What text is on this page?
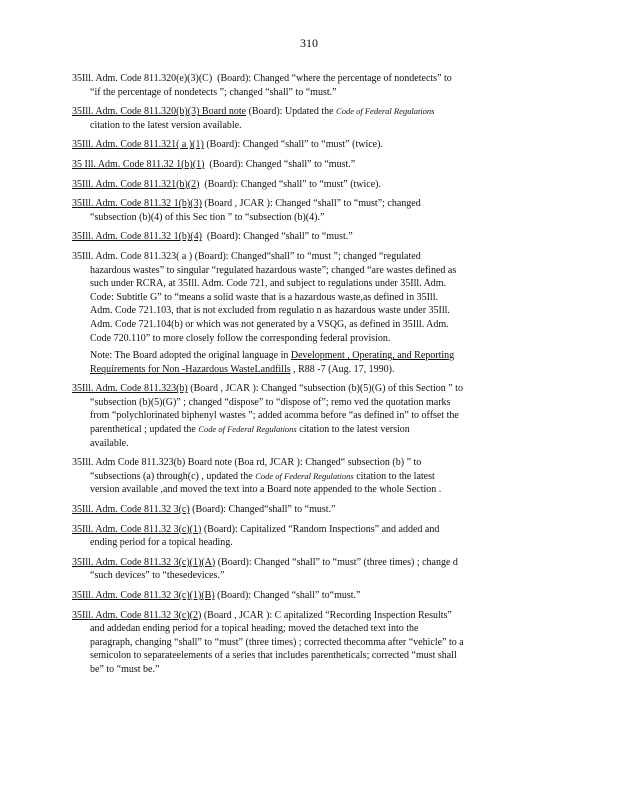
310
35Ill. Adm. Code 811.320(e)(3)(C) (Board): Changed “where the percentage of nondetects” to
“if the percentage of nondetects ”; changed “shall” to “must.”
35Ill. Adm. Code 811.320(b)(3) Board note (Board): Updated the Code of Federal Regulations
citation to the latest version available.
35Ill. Adm. Code 811.321( a )(1) (Board): Changed “shall” to “must” (twice).
35 Ill. Adm. Code 811.32 1(b)(1) (Board): Changed “shall” to “must.”
35Ill. Adm. Code 811.321(b)(2) (Board): Changed “shall” to “must” (twice).
35Ill. Adm. Code 811.32 1(b)(3) (Board , JCAR ): Changed “shall” to “must”; changed
“subsection (b)(4) of this Sec tion ” to “subsection (b)(4).”
35Ill. Adm. Code 811.32 1(b)(4) (Board): Changed “shall” to “must.”
35Ill. Adm. Code 811.323( a ) (Board): Changed“shall” to “must ”; changed “regulated
hazardous wastes” to singular “regulated hazardous waste”; changed “are wastes defined as
such under RCRA, at 35Ill. Adm. Code 721, and subject to regulations under 35Ill. Adm.
Code: Subtitle G” to “means a solid waste that is a hazardous waste,as defined in 35Ill.
Adm. Code 721.103, that is not excluded from regulatio n as hazardous waste under 35Ill.
Adm. Code 721.104(b) or which was not generated by a VSQG, as defined in 35Ill. Adm.
Code 720.110” to more closely follow the corresponding federal provision.
Note: The Board adopted the original language in Development , Operating, and Reporting
Requirements for Non -Hazardous WasteLandfills , R88 -7 (Aug. 17, 1990).
35Ill. Adm. Code 811.323(b) (Board , JCAR ): Changed “subsection (b)(5)(G) of this Section ” to
“subsection (b)(5)(G)” ; changed “dispose” to “dispose of”; remo ved the quotation marks
from “polychlorinated biphenyl wastes ”; added acomma before “as defined in” to offset the
parenthetical ; updated the Code of Federal Regulations citation to the latest version
available.
35Ill. Adm Code 811.323(b) Board note (Boa rd, JCAR ): Changed“ subsection (b) ” to
“subsections (a) through(c) , updated the Code of Federal Regulations citation to the latest
version available ,and moved the text into a Board note appended to the whole Section .
35Ill. Adm. Code 811.32 3(c) (Board): Changed“shall” to “must.”
35Ill. Adm. Code 811.32 3(c)(1) (Board): Capitalized “Random Inspections” and added and
ending period for a topical heading.
35Ill. Adm. Code 811.32 3(c)(1)(A) (Board): Changed “shall” to “must” (three times) ; change d
“such devices” to “thesedevices.”
35Ill. Adm. Code 811.32 3(c)(1)(B) (Board): Changed “shall” to“must.”
35Ill. Adm. Code 811.32 3(c)(2) (Board , JCAR ): C apitalized “Recording Inspection Results”
and addedan ending period for a topical heading; moved the detached text into the
paragraph, changing “shall” to “must” (three times) ; corrected thecomma after “vehicle” to a
semicolon to separateelements of a series that includes parentheticals; corrected “must shall
be” to “must be.”
